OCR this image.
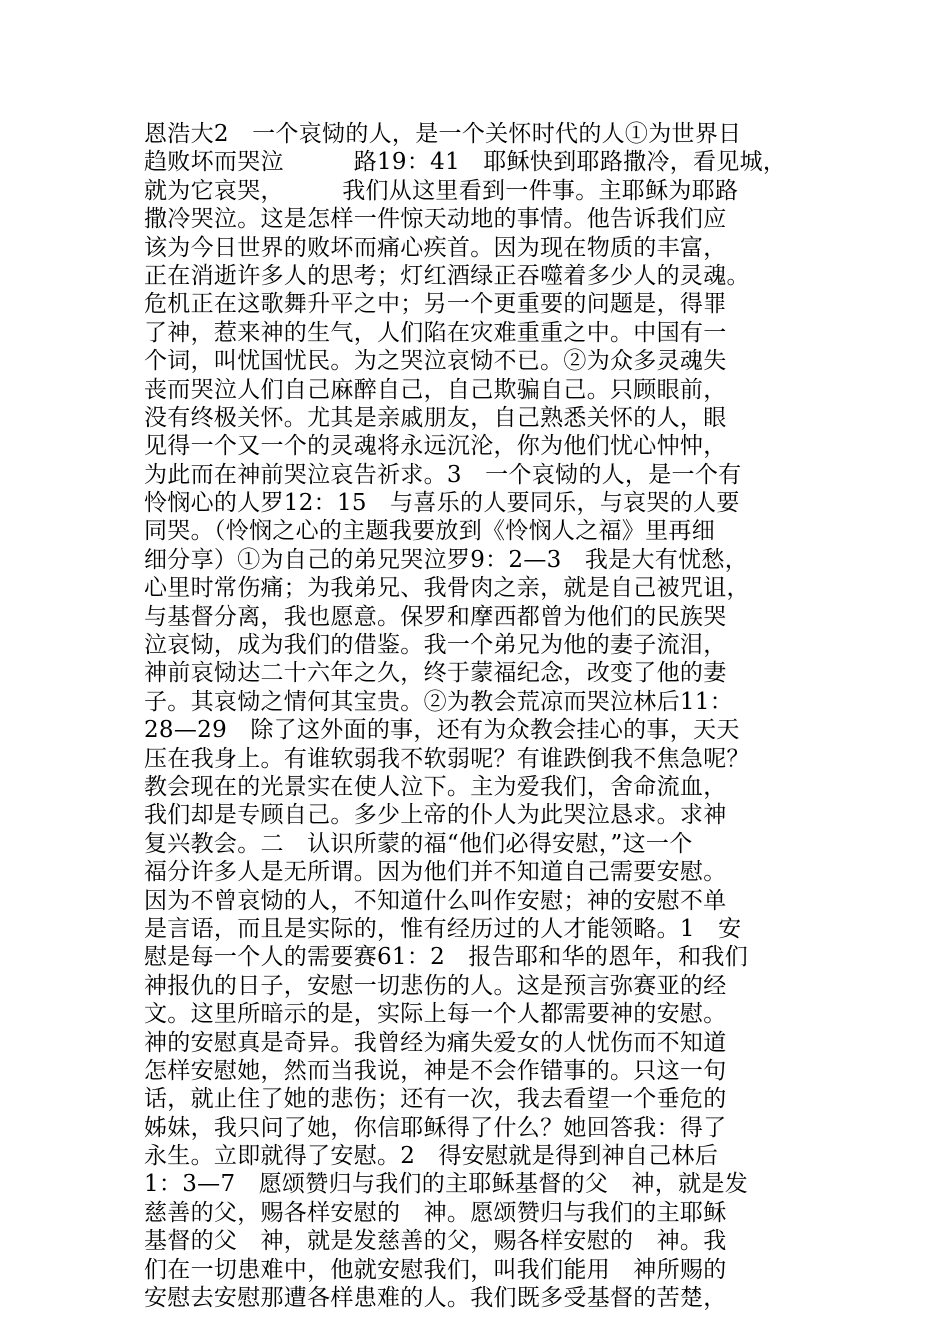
恩浩大2　一个哀恸的人，是一个关怀时代的人①为世界日
趋败坏而哭泣　　　路19：41　耶稣快到耶路撒冷，看见城，
就为它哀哭，　　　我们从这里看到一件事。主耶稣为耶路
撒冷哭泣。这是怎样一件惊天动地的事情。他告诉我们应
该为今日世界的败坏而痛心疾首。因为现在物质的丰富，
正在消逝许多人的思考；灯红酒绿正吞噬着多少人的灵魂。
危机正在这歌舞升平之中；另一个更重要的问题是，得罪
了神，惹来神的生气，人们陷在灾难重重之中。中国有一
个词，叫忧国忧民。为之哭泣哀恸不已。②为众多灵魂失
丧而哭泣人们自己麻醉自己，自己欺骗自己。只顾眼前，
没有终极关怀。尤其是亲戚朋友，自己熟悉关怀的人，眼
见得一个又一个的灵魂将永远沉沦，你为他们忧心忡忡，
为此而在神前哭泣哀告祈求。3　一个哀恸的人，是一个有
怜悯心的人罗12：15　与喜乐的人要同乐，与哀哭的人要
同哭。（怜悯之心的主题我要放到《怜悯人之福》里再细
细分享）①为自己的弟兄哭泣罗9：2—3　我是大有忧愁，
心里时常伤痛；为我弟兄、我骨肉之亲，就是自己被咒诅，
与基督分离，我也愿意。保罗和摩西都曾为他们的民族哭
泣哀恸，成为我们的借鉴。我一个弟兄为他的妻子流泪，
神前哀恸达二十六年之久，终于蒙福纪念，改变了他的妻
子。其哀恸之情何其宝贵。②为教会荒凉而哭泣林后11：
28—29　除了这外面的事，还有为众教会挂心的事，天天
压在我身上。有谁软弱我不软弱呢？有谁跌倒我不焦急呢？
教会现在的光景实在使人泣下。主为爱我们，舍命流血，
我们却是专顾自己。多少上帝的仆人为此哭泣恳求。求神
复兴教会。二　认识所蒙的福“他们必得安慰，”这一个
福分许多人是无所谓。因为他们并不知道自己需要安慰。
因为不曾哀恸的人，不知道什么叫作安慰；神的安慰不单
是言语，而且是实际的，惟有经历过的人才能领略。1　安
慰是每一个人的需要赛61：2　报告耶和华的恩年，和我们
神报仇的日子，安慰一切悲伤的人。这是预言弥赛亚的经
文。这里所暗示的是，实际上每一个人都需要神的安慰。
神的安慰真是奇异。我曾经为痛失爱女的人忧伤而不知道
怎样安慰她，然而当我说，神是不会作错事的。只这一句
话，就止住了她的悲伤；还有一次，我去看望一个垂危的
姊妹，我只问了她，你信耶稣得了什么？她回答我：得了
永生。立即就得了安慰。2　得安慰就是得到神自己林后
1：3—7　愿颂赞归与我们的主耶稣基督的父　神，就是发
慈善的父，赐各样安慰的　神。愿颂赞归与我们的主耶稣
基督的父　神，就是发慈善的父，赐各样安慰的　神。我
们在一切患难中，他就安慰我们，叫我们能用　神所赐的
安慰去安慰那遭各样患难的人。我们既多受基督的苦楚，
